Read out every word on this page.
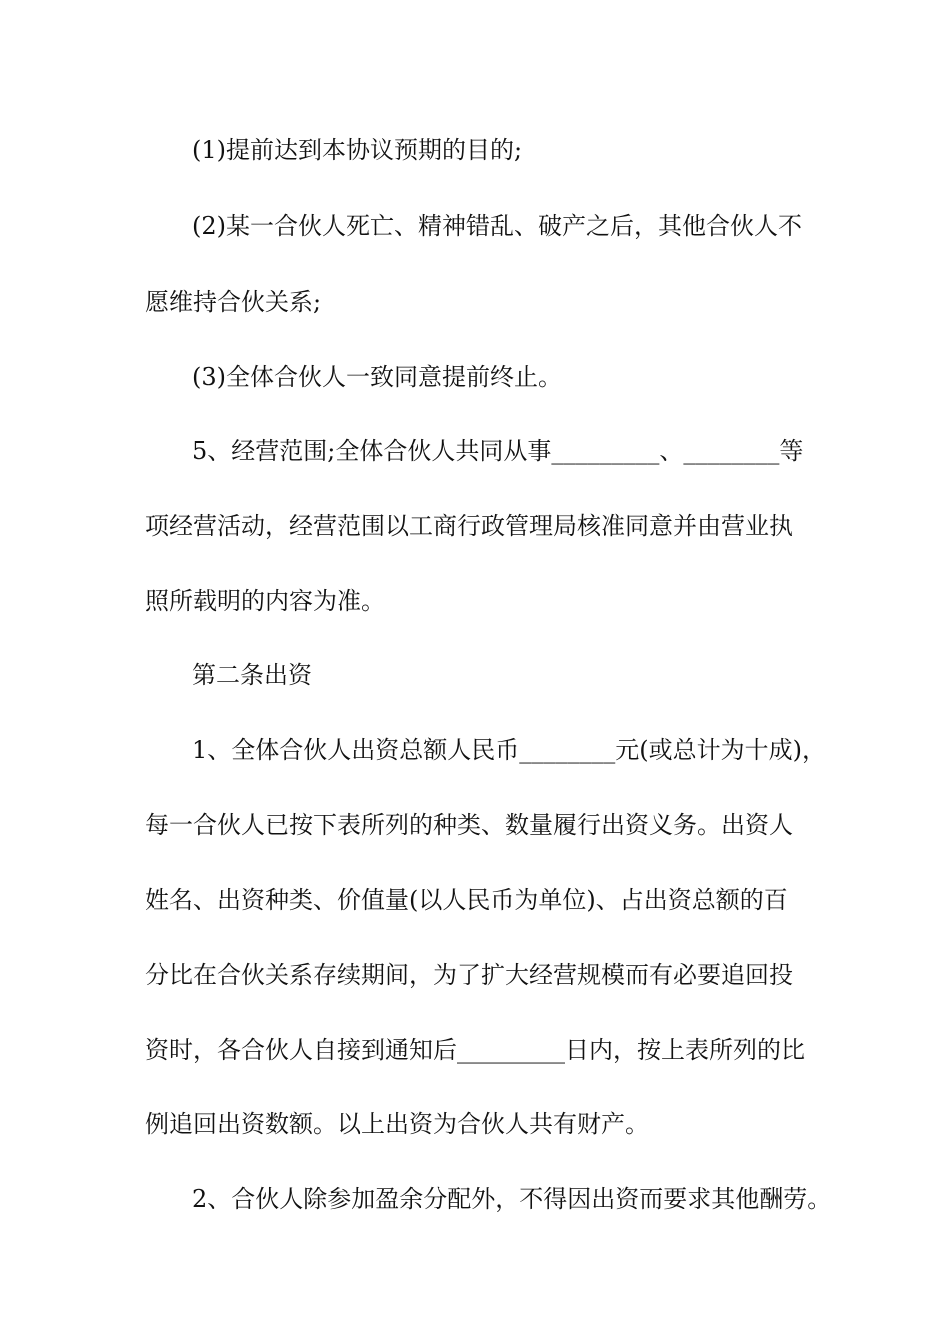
(1)提前达到本协议预期的目的;

(2)某一合伙人死亡、精神错乱、破产之后，其他合伙人不

愿维持合伙关系;

(3)全体合伙人一致同意提前终止。

5、经营范围;全体合伙人共同从事_________、________等

项经营活动，经营范围以工商行政管理局核准同意并由营业执

照所载明的内容为准。

第二条出资

1、全体合伙人出资总额人民币________元(或总计为十成)，

每一合伙人已按下表所列的种类、数量履行出资义务。出资人

姓名、出资种类、价值量(以人民币为单位)、占出资总额的百

分比在合伙关系存续期间，为了扩大经营规模而有必要追回投

资时，各合伙人自接到通知后_________日内，按上表所列的比

例追回出资数额。以上出资为合伙人共有财产。

2、合伙人除参加盈余分配外，不得因出资而要求其他酬劳。
